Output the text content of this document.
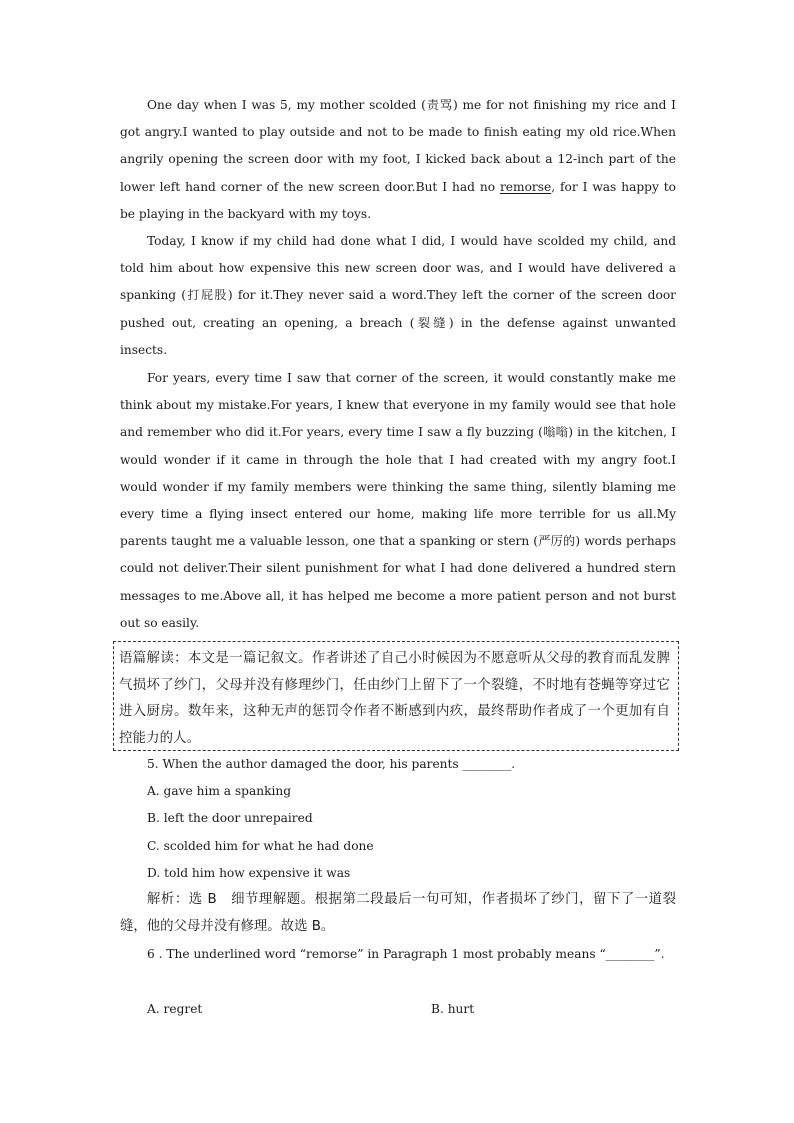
One day when I was 5, my mother scolded (责骂) me for not finishing my rice and I got angry.I wanted to play outside and not to be made to finish eating my old rice.When angrily opening the screen door with my foot, I kicked back about a 12-inch part of the lower left hand corner of the new screen door.But I had no remorse, for I was happy to be playing in the backyard with my toys.

Today, I know if my child had done what I did, I would have scolded my child, and told him about how expensive this new screen door was, and I would have delivered a spanking (打屁股) for it.They never said a word.They left the corner of the screen door pushed out, creating an opening, a breach (裂缝) in the defense against unwanted insects.

For years, every time I saw that corner of the screen, it would constantly make me think about my mistake.For years, I knew that everyone in my family would see that hole and remember who did it.For years, every time I saw a fly buzzing (嗡嗡) in the kitchen, I would wonder if it came in through the hole that I had created with my angry foot.I would wonder if my family members were thinking the same thing, silently blaming me every time a flying insect entered our home, making life more terrible for us all.My parents taught me a valuable lesson, one that a spanking or stern (严厉的) words perhaps could not deliver.Their silent punishment for what I had done delivered a hundred stern messages to me.Above all, it has helped me become a more patient person and not burst out so easily.

语篇解读：本文是一篇记叙文。作者讲述了自己小时候因为不愿意听从父母的教育而乱发脾气损坏了纱门，父母并没有修理纱门，任由纱门上留下了一个裂缝，不时地有苍蝇等穿过它进入厨房。数年来，这种无声的惩罚令作者不断感到内疚，最终帮助作者成了一个更加有自控能力的人。
5. When the author damaged the door, his parents ________.
A. gave him a spanking
B. left the door unrepaired
C. scolded him for what he had done
D. told him how expensive it was
解析：选 B　细节理解题。根据第二段最后一句可知，作者损坏了纱门，留下了一道裂缝，他的父母并没有修理。故选 B。
6 . The underlined word “remorse” in Paragraph 1 most probably means “________”.
A. regret	B. hurt
